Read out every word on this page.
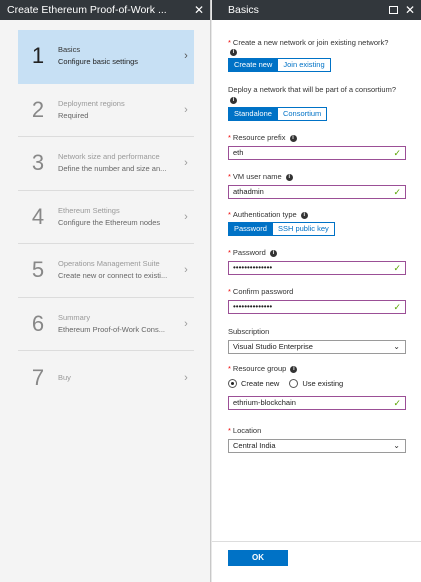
Create Ethereum Proof-of-Work ... ✕
1	Basics
Configure basic settings	›
2	Deployment regions
Required	›
3	Network size and performance
Define the number and size an...	›
4	Ethereum Settings
Configure the Ethereum nodes	›
5	Operations Management Suite
Create new or connect to existi...	›
6	Summary
Ethereum Proof-of-Work Cons...	›
7	Buy	›
Basics	✕
* Create a new network or join existing network?
i
Create new	Join existing
Deploy a network that will be part of a consortium? i
Standalone	Consortium
* Resource prefix i
eth	✓
* VM user name i
athadmin	✓
* Authentication type i
Password	SSH public key
* Password i
••••••••••••••	✓
* Confirm password
••••••••••••••	✓
Subscription
Visual Studio Enterprise	⌄
* Resource group i
Create new	Use existing
ethrium-blockchain	✓
* Location
Central India	⌄
OK
